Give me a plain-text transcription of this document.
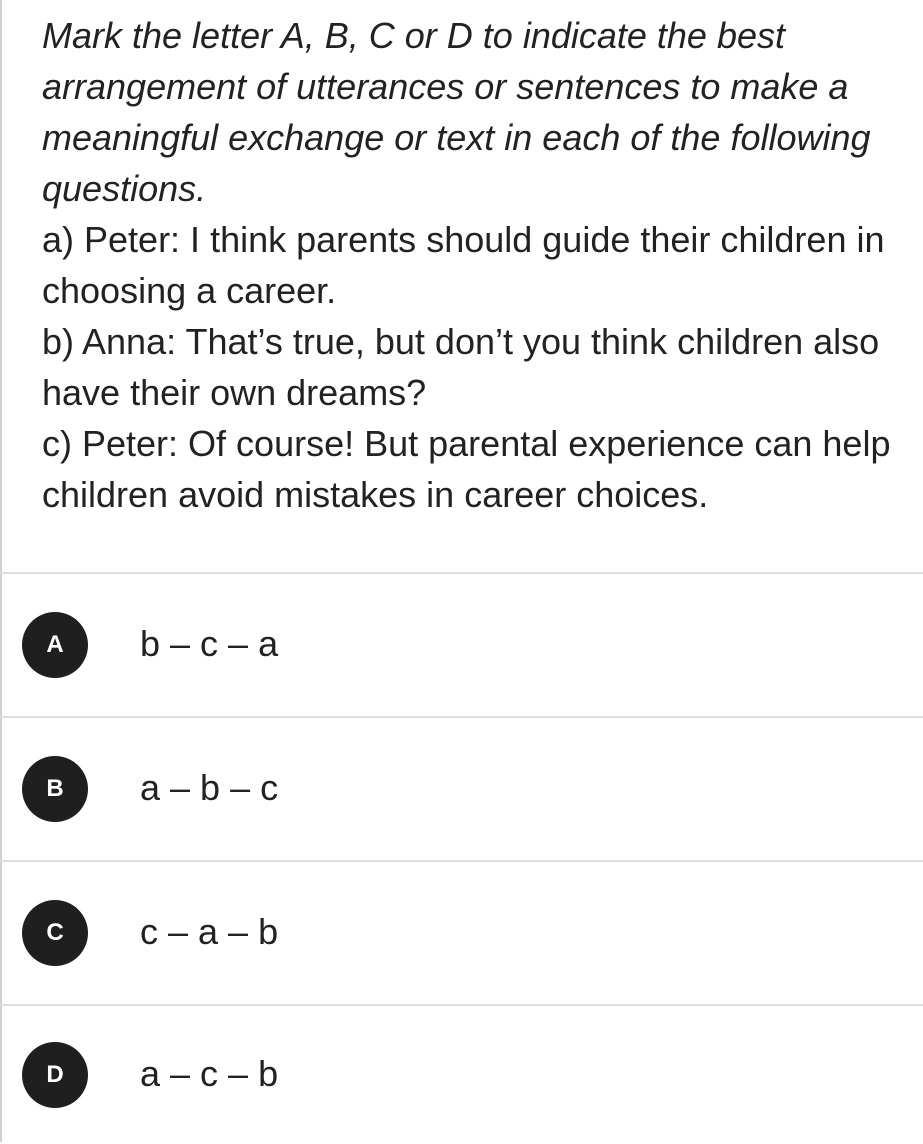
Mark the letter A, B, C or D to indicate the best arrangement of utterances or sentences to make a meaningful exchange or text in each of the following questions.

a) Peter: I think parents should guide their children in choosing a career.

b) Anna: That’s true, but don’t you think children also have their own dreams?

c) Peter: Of course! But parental experience can help children avoid mistakes in career choices.

A	b – c – a
B	a – b – c
C	c – a – b
D	a – c – b
